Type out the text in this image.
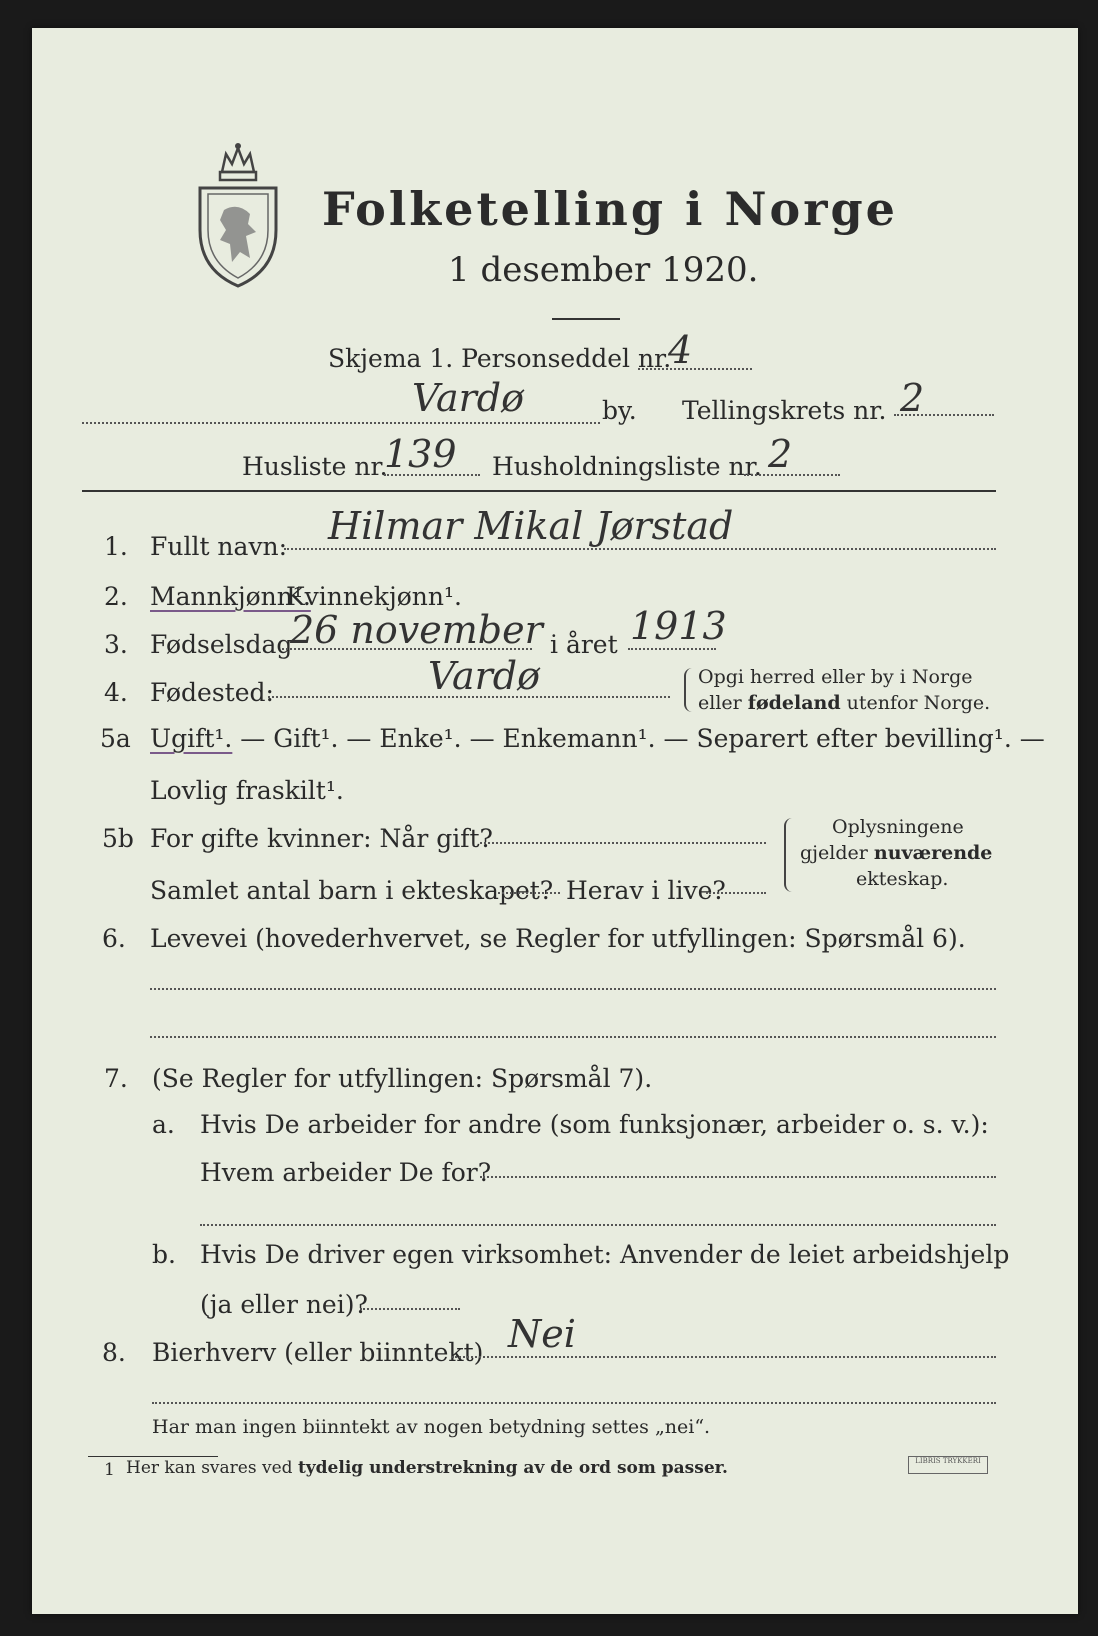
Folketelling i Norge
1 desember 1920.
Skjema 1. Personseddel nr.
4
Vardø	by. Tellingskrets nr. 2
Husliste nr.
139 Husholdningsliste nr. 2
1. Fullt navn: Hilmar Mikal Jørstad
2. Mannkjønn¹.
Kvinnekjønn¹.
3. Fødselsdag
26 november i året 1913
4. Fødested:	Vardø	Opgi herred eller by i Norge
eller fødeland utenfor Norge.
5a Ugift¹. — Gift¹. — Enke¹. — Enkemann¹. — Separert efter bevilling¹. —
Lovlig fraskilt¹.
5b For gifte kvinner: Når gift?
Samlet antal barn i ekteskapet? Herav i live?
Oplysningene
gjelder nuværende
ekteskap.
6. Levevei (hovederhvervet, se Regler for utfyllingen: Spørsmål 6).
7. (Se Regler for utfyllingen: Spørsmål 7).
a. Hvis De arbeider for andre (som funksjonær, arbeider o. s. v.):
Hvem arbeider De for?
b. Hvis De driver egen virksomhet: Anvender de leiet arbeidshjelp
(ja eller nei)?
8. Bierhverv (eller biinntekt) Nei
Har man ingen biinntekt av nogen betydning settes „nei“.
1 Her kan svares ved tydelig understrekning av de ord som passer.	LIBRIS TRYKKERI
